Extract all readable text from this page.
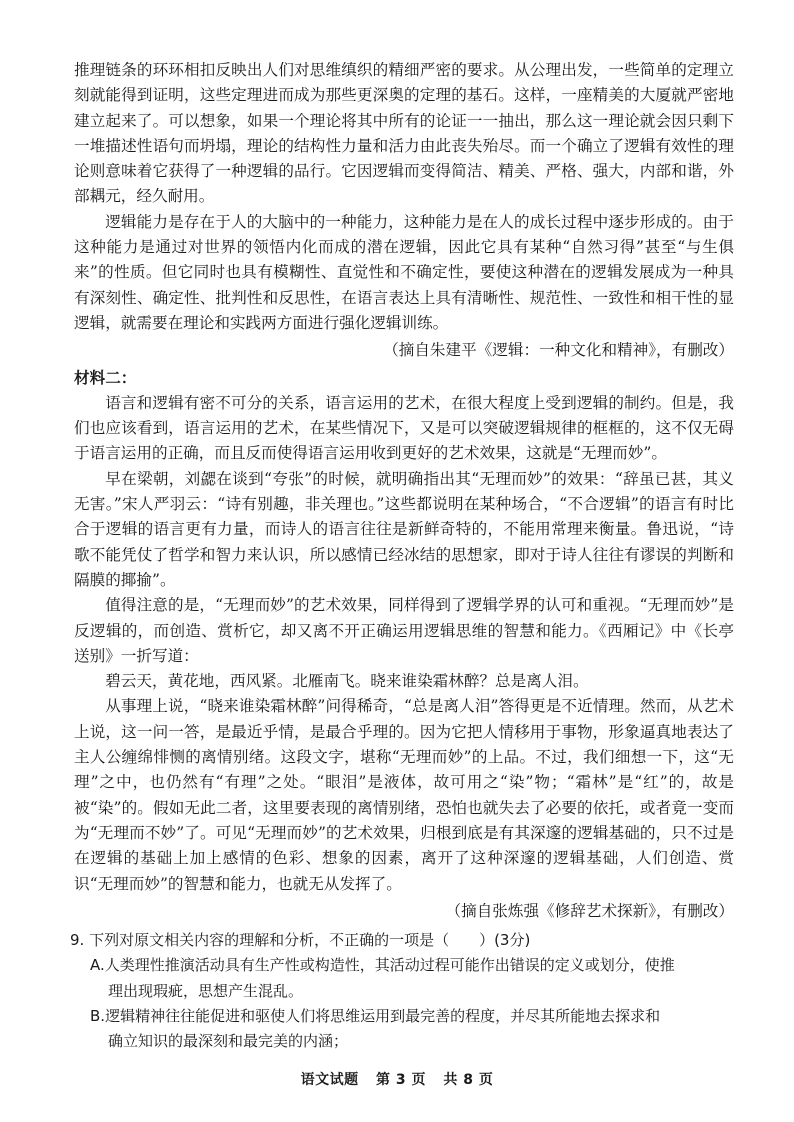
推理链条的环环相扣反映出人们对思维缜织的精细严密的要求。从公理出发，一些简单的定理立刻就能得到证明，这些定理进而成为那些更深奥的定理的基石。这样，一座精美的大厦就严密地建立起来了。可以想象，如果一个理论将其中所有的论证一一抽出，那么这一理论就会因只剩下一堆描述性语句而坍塌，理论的结构性力量和活力由此丧失殆尽。而一个确立了逻辑有效性的理论则意味着它获得了一种逻辑的品行。它因逻辑而变得简洁、精美、严格、强大，内部和谐，外部耦元，经久耐用。

逻辑能力是存在于人的大脑中的一种能力，这种能力是在人的成长过程中逐步形成的。由于这种能力是通过对世界的领悟内化而成的潜在逻辑，因此它具有某种“自然习得”甚至“与生俱来”的性质。但它同时也具有模糊性、直觉性和不确定性，要使这种潜在的逻辑发展成为一种具有深刻性、确定性、批判性和反思性，在语言表达上具有清晰性、规范性、一致性和相干性的显逻辑，就需要在理论和实践两方面进行强化逻辑训练。

（摘自朱建平《逻辑：一种文化和精神》，有删改）

材料二：

语言和逻辑有密不可分的关系，语言运用的艺术，在很大程度上受到逻辑的制约。但是，我们也应该看到，语言运用的艺术，在某些情况下，又是可以突破逻辑规律的框框的，这不仅无碍于语言运用的正确，而且反而使得语言运用收到更好的艺术效果，这就是“无理而妙”。

早在梁朝，刘勰在谈到“夸张”的时候，就明确指出其“无理而妙”的效果：“辞虽已甚，其义无害。”宋人严羽云：“诗有别趣，非关理也。”这些都说明在某种场合，“不合逻辑”的语言有时比合于逻辑的语言更有力量，而诗人的语言往往是新鲜奇特的，不能用常理来衡量。鲁迅说，“诗歌不能凭仗了哲学和智力来认识，所以感情已经冰结的思想家，即对于诗人往往有谬误的判断和隔膜的揶揄”。

值得注意的是，“无理而妙”的艺术效果，同样得到了逻辑学界的认可和重视。“无理而妙”是反逻辑的，而创造、赏析它，却又离不开正确运用逻辑思维的智慧和能力。《西厢记》中《长亭送别》一折写道：

碧云天，黄花地，西风紧。北雁南飞。晓来谁染霜林醉？总是离人泪。

从事理上说，“晓来谁染霜林醉”问得稀奇，“总是离人泪”答得更是不近情理。然而，从艺术上说，这一问一答，是最近乎情，是最合乎理的。因为它把人情移用于事物，形象逼真地表达了主人公缠绵悱恻的离情别绪。这段文字，堪称“无理而妙”的上品。不过，我们细想一下，这“无理”之中，也仍然有“有理”之处。“眼泪”是液体，故可用之“染”物；“霜林”是“红”的，故是被“染”的。假如无此二者，这里要表现的离情别绪，恐怕也就失去了必要的依托，或者竟一变而为“无理而不妙”了。可见“无理而妙”的艺术效果，归根到底是有其深邃的逻辑基础的，只不过是在逻辑的基础上加上感情的色彩、想象的因素，离开了这种深邃的逻辑基础，人们创造、赏识“无理而妙”的智慧和能力，也就无从发挥了。

（摘自张炼强《修辞艺术探新》，有删改）

9. 下列对原文相关内容的理解和分析，不正确的一项是（　　）(3分)

A.人类理性推演活动具有生产性或构造性，其活动过程可能作出错误的定义或划分，使推

理出现瑕疵，思想产生混乱。

B.逻辑精神往往能促进和驱使人们将思维运用到最完善的程度，并尽其所能地去探求和

确立知识的最深刻和最完美的内涵；

语文试题 第 3 页 共 8 页
